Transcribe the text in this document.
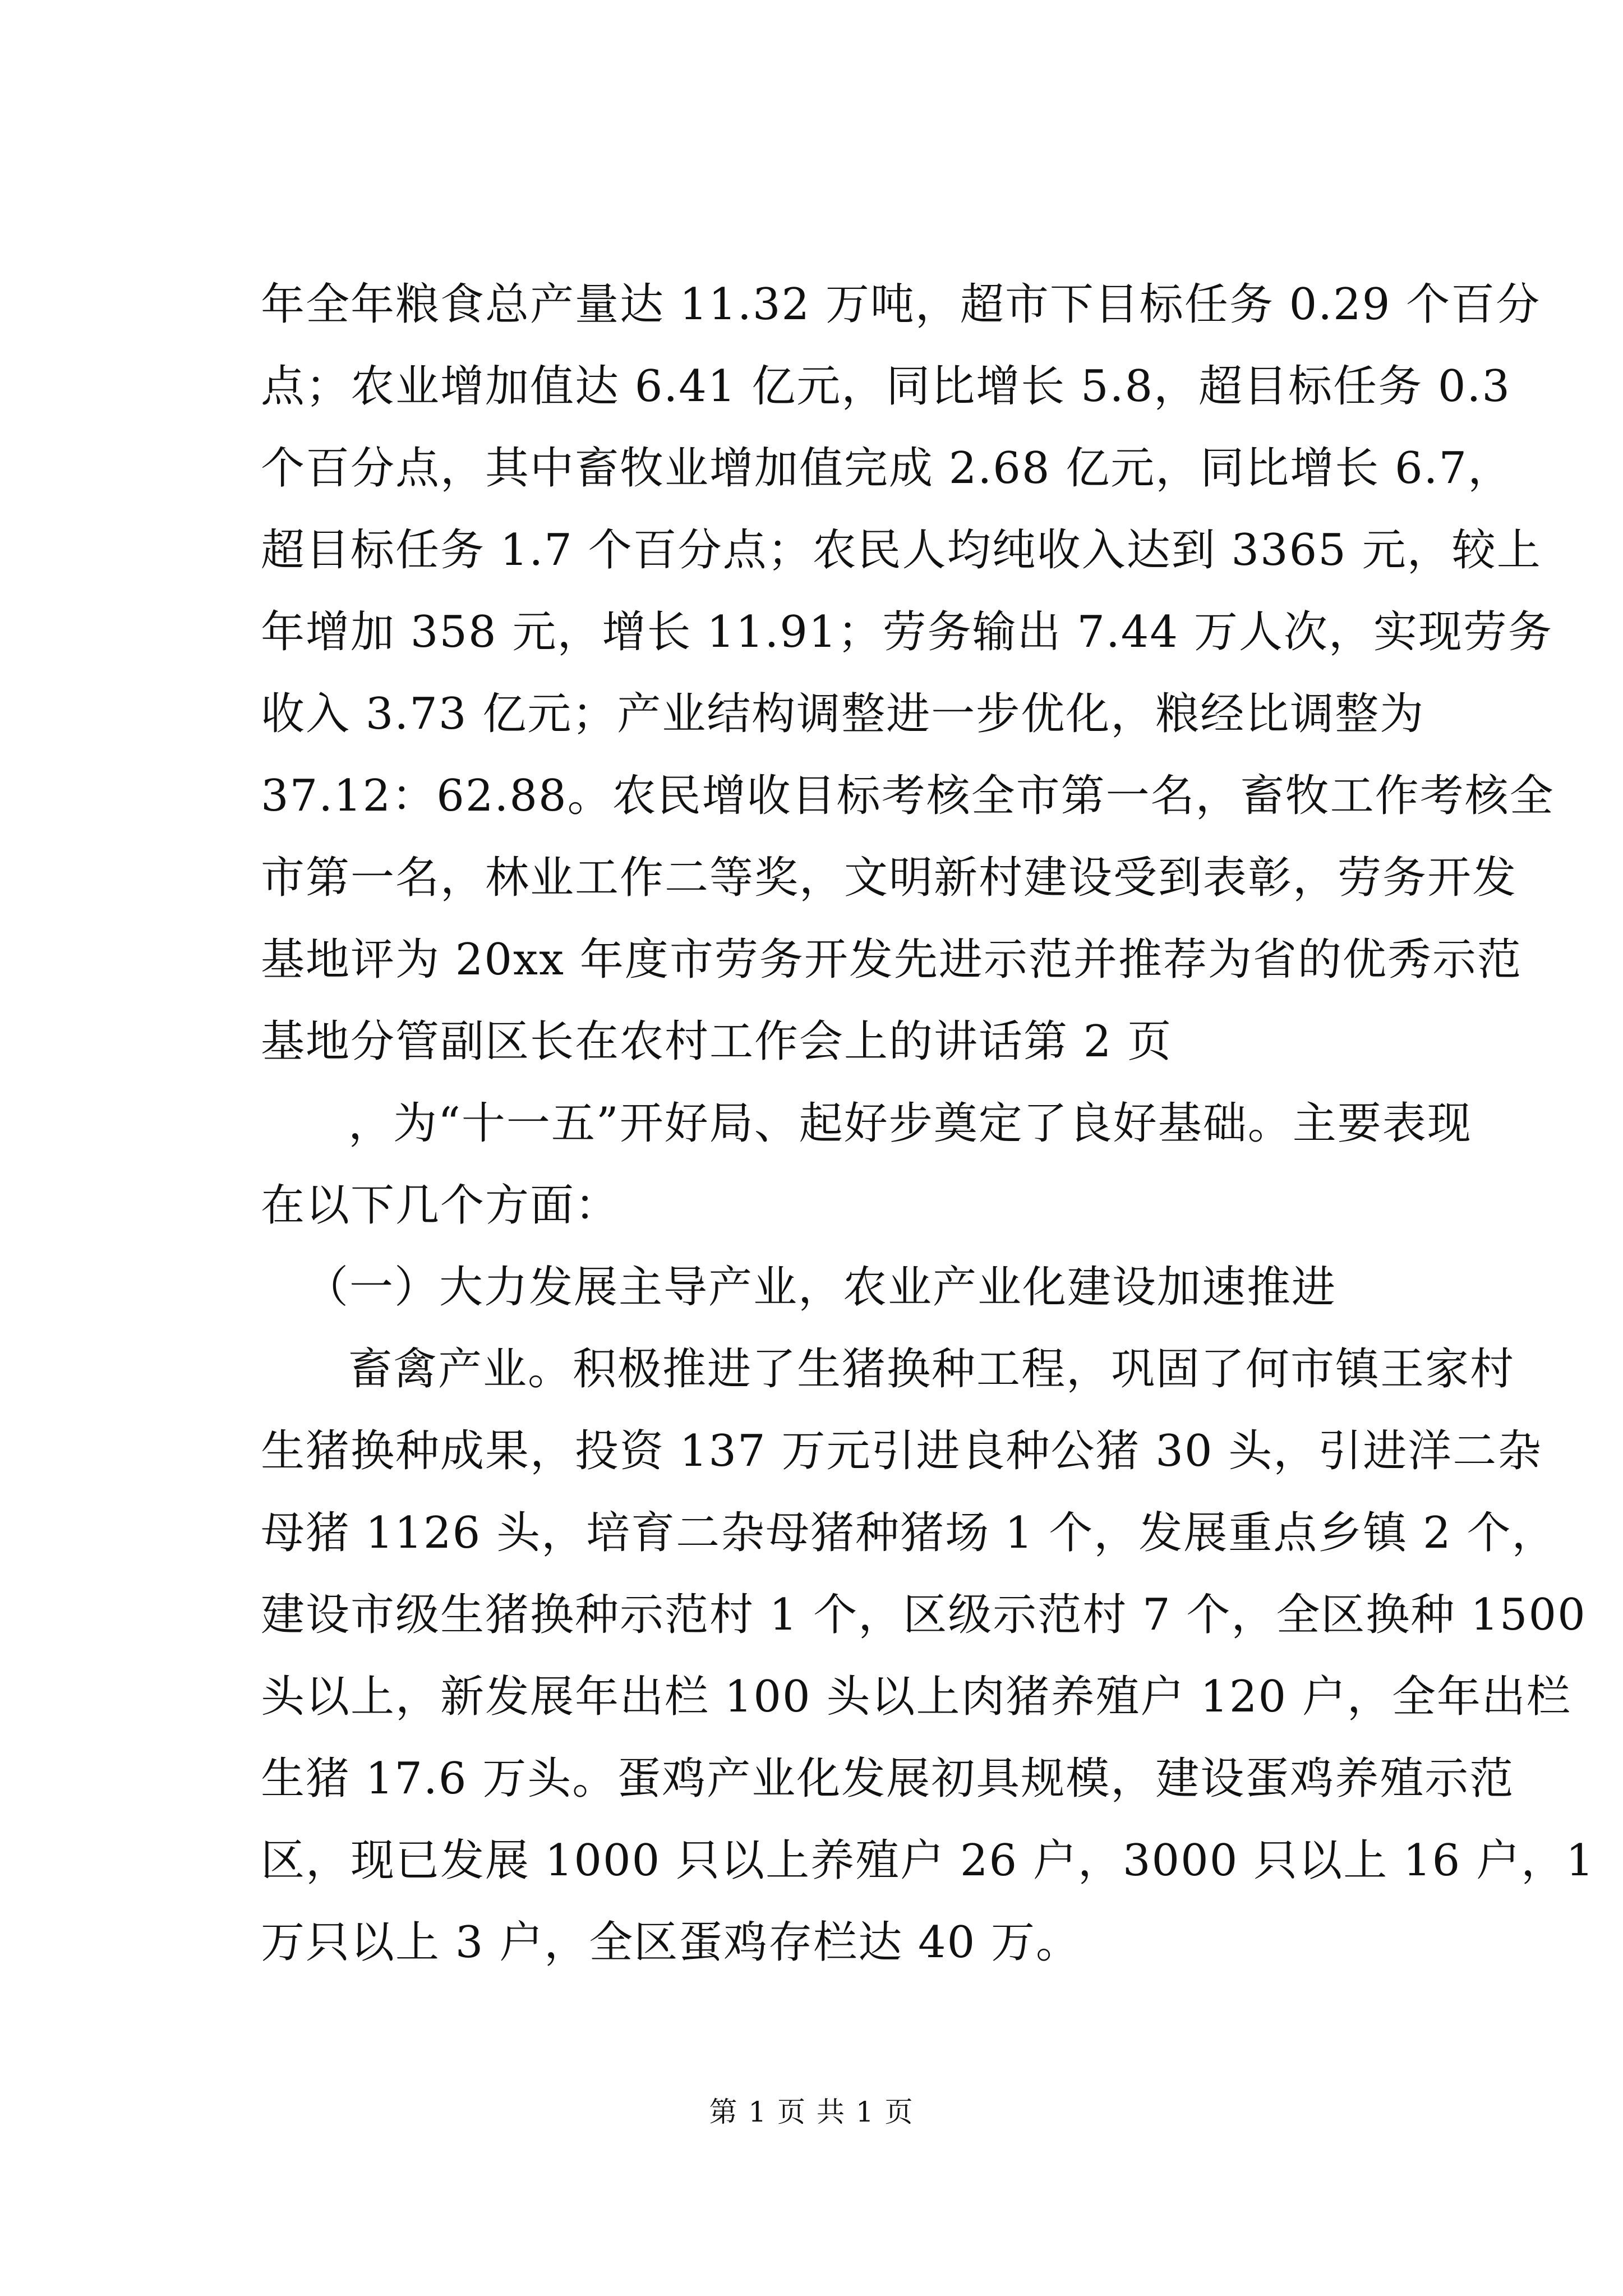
年全年粮食总产量达 11.32 万吨，超市下目标任务 0.29 个百分
点；农业增加值达 6.41 亿元，同比增长 5.8，超目标任务 0.3
个百分点，其中畜牧业增加值完成 2.68 亿元，同比增长 6.7，
超目标任务 1.7 个百分点；农民人均纯收入达到 3365 元，较上
年增加 358 元，增长 11.91；劳务输出 7.44 万人次，实现劳务
收入 3.73 亿元；产业结构调整进一步优化，粮经比调整为
37.12：62.88。农民增收目标考核全市第一名，畜牧工作考核全
市第一名，林业工作二等奖，文明新村建设受到表彰，劳务开发
基地评为 20xx 年度市劳务开发先进示范并推荐为省的优秀示范
基地分管副区长在农村工作会上的讲话第 2 页
，为“十一五”开好局、起好步奠定了良好基础。主要表现
在以下几个方面：
（一）大力发展主导产业，农业产业化建设加速推进
畜禽产业。积极推进了生猪换种工程，巩固了何市镇王家村
生猪换种成果，投资 137 万元引进良种公猪 30 头，引进洋二杂
母猪 1126 头，培育二杂母猪种猪场 1 个，发展重点乡镇 2 个，
建设市级生猪换种示范村 1 个，区级示范村 7 个，全区换种 1500
头以上，新发展年出栏 100 头以上肉猪养殖户 120 户，全年出栏
生猪 17.6 万头。蛋鸡产业化发展初具规模，建设蛋鸡养殖示范
区，现已发展 1000 只以上养殖户 26 户，3000 只以上 16 户，1
万只以上 3 户，全区蛋鸡存栏达 40 万。
第 1 页 共 1 页
